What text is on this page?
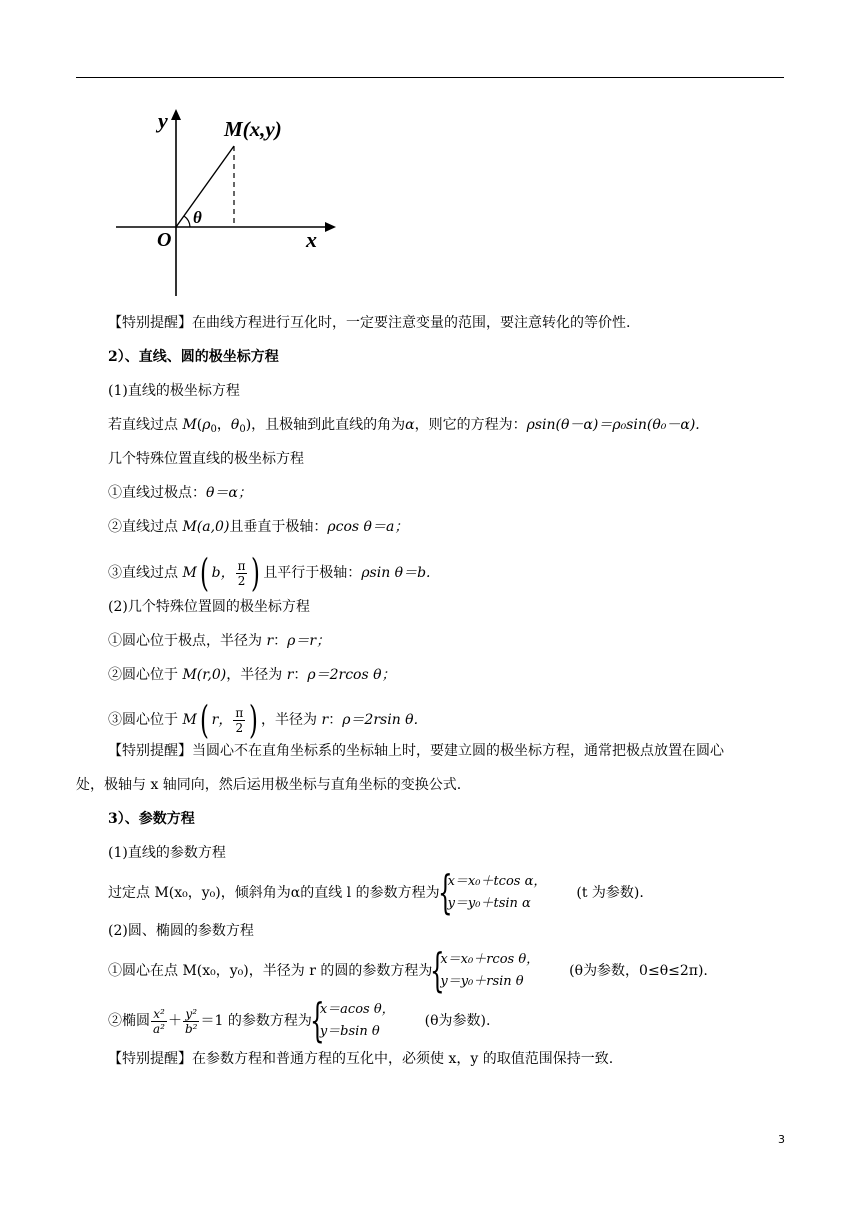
y
x
O
M(x,y)
θ
【特别提醒】在曲线方程进行互化时，一定要注意变量的范围，要注意转化的等价性.
2）、直线、圆的极坐标方程
(1)直线的极坐标方程
若直线过点 $M(\rho_0$，$\theta_0$)，且极轴到此直线的角为α，则它的方程为：ρsin(θ－α)＝ρ₀sin(θ₀－α).
几个特殊位置直线的极坐标方程
①直线过极点：θ＝α；
②直线过点 M(a,0)且垂直于极轴：ρcos θ＝a；
③直线过点 M( b， $\frac{\pi}{2}$ ) 且平行于极轴：ρsin θ＝b.
(2)几个特殊位置圆的极坐标方程
①圆心位于极点，半径为 r：ρ＝r；
②圆心位于 M(r,0)，半径为 r：ρ＝2rcos θ；
③圆心位于 M( r， $\frac{\pi}{2}$ ) ，半径为 r：ρ＝2rsin θ.
【特别提醒】当圆心不在直角坐标系的坐标轴上时，要建立圆的极坐标方程，通常把极点放置在圆心
处，极轴与 x 轴同向，然后运用极坐标与直角坐标的变换公式.
3）、参数方程
(1)直线的参数方程
过定点 M(x₀，y₀)，倾斜角为α的直线 l 的参数方程为
{
x＝x₀＋tcos α，
y＝y₀＋tsin α
(t 为参数).
(2)圆、椭圆的参数方程
①圆心在点 M(x₀，y₀)，半径为 r 的圆的参数方程为
{
x＝x₀＋rcos θ，
y＝y₀＋rsin θ
(θ为参数，0≤θ≤2π).
②椭圆 $\frac{\text{x²}}{\text{a²}} + \frac{\text{y²}}{\text{b²}} =1$ 的参数方程为
{
x＝acos θ，
y＝bsin θ
(θ为参数).
【特别提醒】在参数方程和普通方程的互化中，必须使 x，y 的取值范围保持一致.
3
